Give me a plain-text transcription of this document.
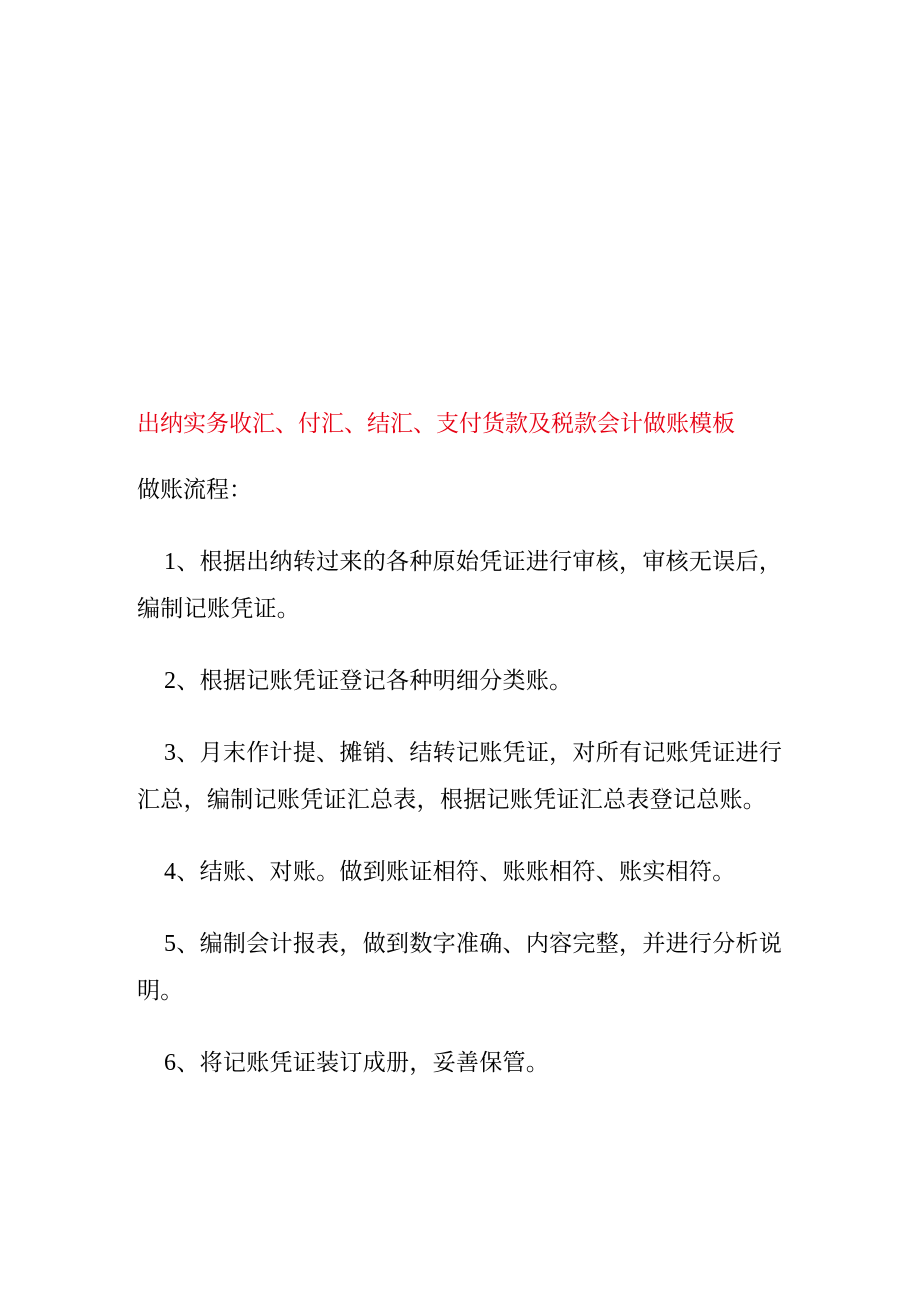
出纳实务收汇、付汇、结汇、支付货款及税款会计做账模板

做账流程：

1、根据出纳转过来的各种原始凭证进行审核，审核无误后，编制记账凭证。
2、根据记账凭证登记各种明细分类账。
3、月末作计提、摊销、结转记账凭证，对所有记账凭证进行汇总，编制记账凭证汇总表，根据记账凭证汇总表登记总账。
4、结账、对账。做到账证相符、账账相符、账实相符。
5、编制会计报表，做到数字准确、内容完整，并进行分析说明。
6、将记账凭证装订成册，妥善保管。
